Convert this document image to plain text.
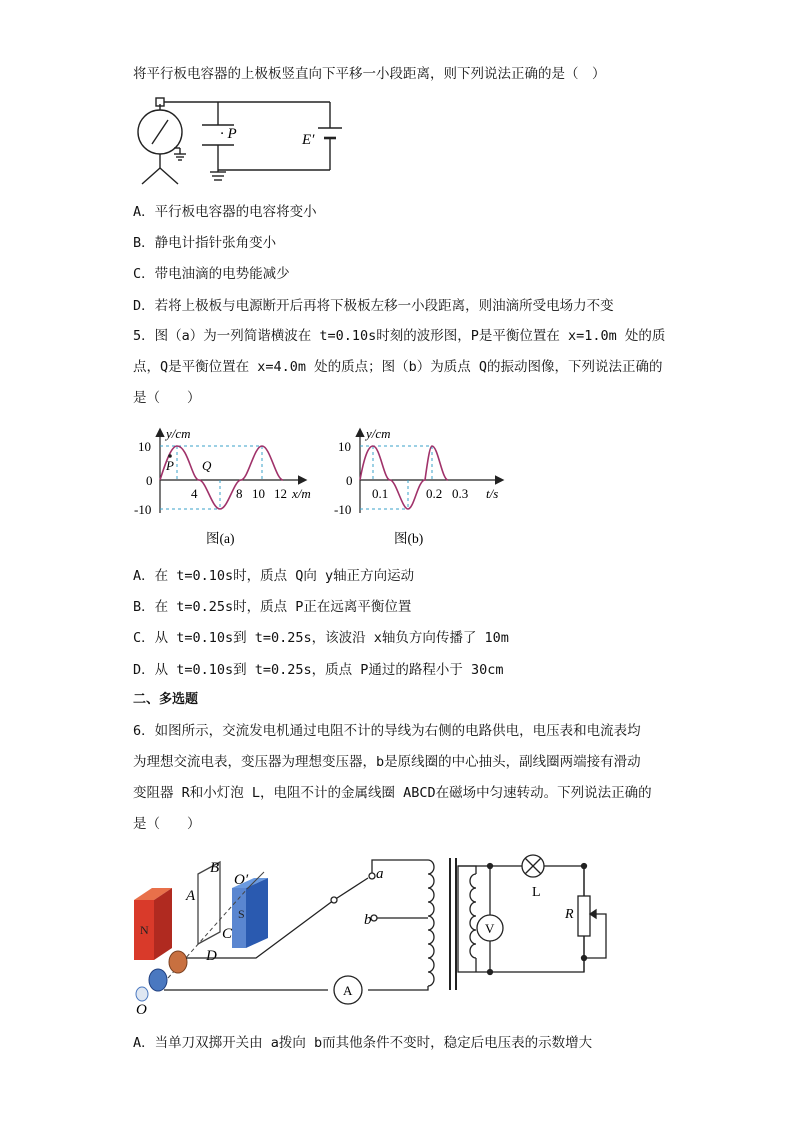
将平行板电容器的上极板竖直向下平移一小段距离，则下列说法正确的是（　）
· P	E′
A．平行板电容器的电容将变小
B．静电计指针张角变小
C．带电油滴的电势能减少
D．若将上极板与电源断开后再将下极板左移一小段距离，则油滴所受电场力不变
5．图（a）为一列简谐横波在 t=0.10s时刻的波形图，P是平衡位置在 x=1.0m 处的质
点，Q是平衡位置在 x=4.0m 处的质点；图（b）为质点 Q的振动图像，下列说法正确的
是（　　）
y/cm
10
0
-10
P Q
4	8 10 12 x/m
图(a)
y/cm
10
0
-10
0.1	0.2 0.3 t/s
图(b)
A．在 t=0.10s时，质点 Q向 y轴正方向运动
B．在 t=0.25s时，质点 P正在远离平衡位置
C．从 t=0.10s到 t=0.25s，该波沿 x轴负方向传播了 10m
D．从 t=0.10s到 t=0.25s，质点 P通过的路程小于 30cm
二、多选题
6．如图所示，交流发电机通过电阻不计的导线为右侧的电路供电，电压表和电流表均
为理想交流电表，变压器为理想变压器，b是原线圈的中心抽头，副线圈两端接有滑动
变阻器 R和小灯泡 L，电阻不计的金属线圈 ABCD在磁场中匀速转动。下列说法正确的
是（　　）
N
S
B
A
C
D
O′
O
a
b
A
V
L
R
A．当单刀双掷开关由 a拨向 b而其他条件不变时，稳定后电压表的示数增大
